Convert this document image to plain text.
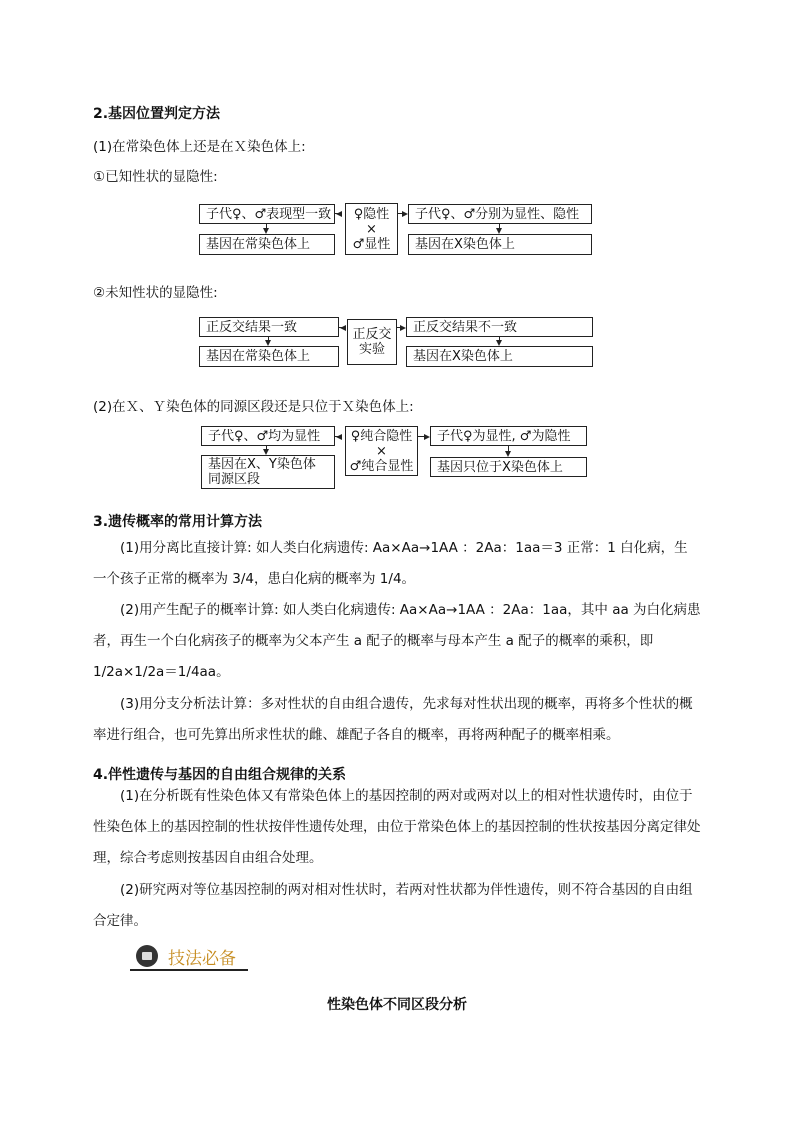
2.基因位置判定方法
(1)在常染色体上还是在Ｘ染色体上:
①已知性状的显隐性:
子代♀、♂表现型一致
基因在常染色体上
♀隐性
×
♂显性
子代♀、♂分别为显性、隐性
基因在X染色体上
②未知性状的显隐性:
正反交结果一致
基因在常染色体上
正反交实验
正反交结果不一致
基因在X染色体上
(2)在Ｘ、Ｙ染色体的同源区段还是只位于Ｘ染色体上:
子代♀、♂均为显性
基因在X、Y染色体同源区段
♀纯合隐性
×
♂纯合显性
子代♀为显性, ♂为隐性
基因只位于X染色体上
3.遗传概率的常用计算方法
(1)用分离比直接计算: 如人类白化病遗传: Aa×Aa→1AA ：2Aa：1aa＝3 正常：1 白化病，生一个孩子正常的概率为 3/4，患白化病的概率为 1/4。
(2)用产生配子的概率计算: 如人类白化病遗传: Aa×Aa→1AA ：2Aa：1aa，其中 aa 为白化病患者，再生一个白化病孩子的概率为父本产生 a 配子的概率与母本产生 a 配子的概率的乘积，即 1/2a×1/2a＝1/4aa。
(3)用分支分析法计算：多对性状的自由组合遗传，先求每对性状出现的概率，再将多个性状的概率进行组合，也可先算出所求性状的雌、雄配子各自的概率，再将两种配子的概率相乘。
4.伴性遗传与基因的自由组合规律的关系
(1)在分析既有性染色体又有常染色体上的基因控制的两对或两对以上的相对性状遗传时，由位于性染色体上的基因控制的性状按伴性遗传处理，由位于常染色体上的基因控制的性状按基因分离定律处理，综合考虑则按基因自由组合处理。
(2)研究两对等位基因控制的两对相对性状时，若两对性状都为伴性遗传，则不符合基因的自由组合定律。
技法必备
性染色体不同区段分析
